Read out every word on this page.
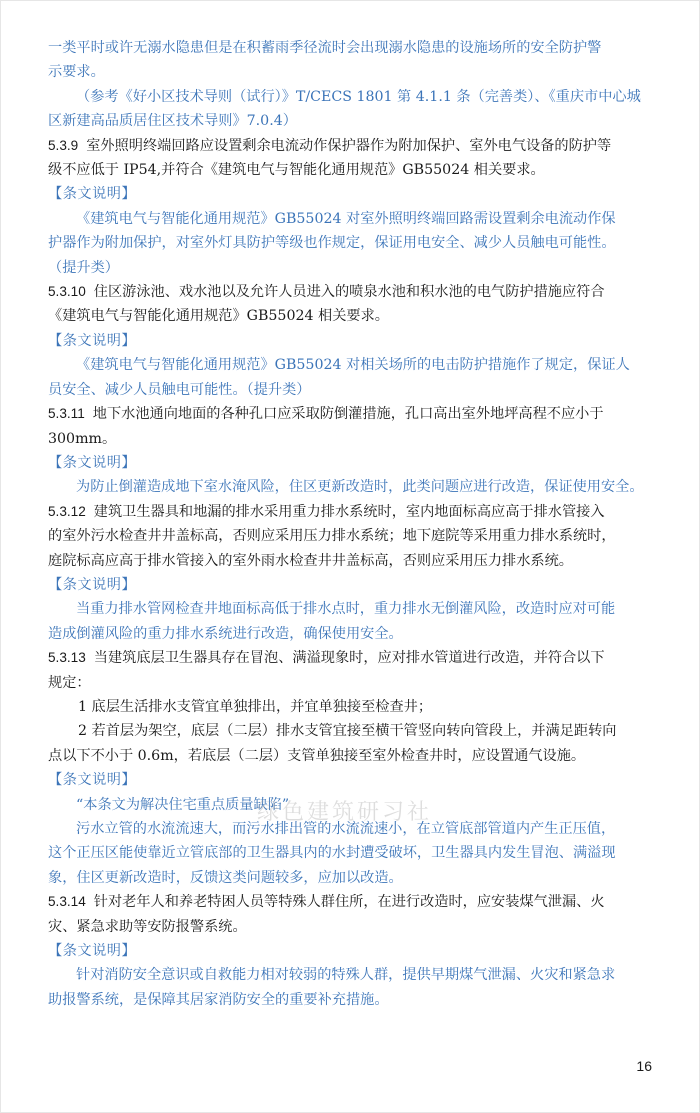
一类平时或许无溺水隐患但是在积蓄雨季径流时会出现溺水隐患的设施场所的安全防护警
示要求。
（参考《好小区技术导则（试行）》T/CECS 1801 第 4.1.1 条（完善类）、《重庆市中心城
区新建高品质居住区技术导则》7.0.4）
5.3.9 室外照明终端回路应设置剩余电流动作保护器作为附加保护、室外电气设备的防护等
级不应低于 IP54,并符合《建筑电气与智能化通用规范》GB55024 相关要求。
【条文说明】
《建筑电气与智能化通用规范》GB55024 对室外照明终端回路需设置剩余电流动作保
护器作为附加保护，对室外灯具防护等级也作规定，保证用电安全、减少人员触电可能性。
（提升类）
5.3.10 住区游泳池、戏水池以及允许人员进入的喷泉水池和积水池的电气防护措施应符合
《建筑电气与智能化通用规范》GB55024 相关要求。
【条文说明】
《建筑电气与智能化通用规范》GB55024 对相关场所的电击防护措施作了规定，保证人
员安全、减少人员触电可能性。（提升类）
5.3.11 地下水池通向地面的各种孔口应采取防倒灌措施，孔口高出室外地坪高程不应小于
300mm。
【条文说明】
为防止倒灌造成地下室水淹风险，住区更新改造时，此类问题应进行改造，保证使用安全。
5.3.12 建筑卫生器具和地漏的排水采用重力排水系统时，室内地面标高应高于排水管接入
的室外污水检查井井盖标高，否则应采用压力排水系统；地下庭院等采用重力排水系统时，
庭院标高应高于排水管接入的室外雨水检查井井盖标高，否则应采用压力排水系统。
【条文说明】
当重力排水管网检查井地面标高低于排水点时，重力排水无倒灌风险，改造时应对可能
造成倒灌风险的重力排水系统进行改造，确保使用安全。
5.3.13 当建筑底层卫生器具存在冒泡、满溢现象时，应对排水管道进行改造，并符合以下
规定：
1 底层生活排水支管宜单独排出，并宜单独接至检查井；
2 若首层为架空，底层（二层）排水支管宜接至横干管竖向转向管段上，并满足距转向
点以下不小于 0.6m，若底层（二层）支管单独接至室外检查井时，应设置通气设施。
【条文说明】
“本条文为解决住宅重点质量缺陷”
污水立管的水流流速大，而污水排出管的水流流速小，在立管底部管道内产生正压值，
这个正压区能使靠近立管底部的卫生器具内的水封遭受破坏，卫生器具内发生冒泡、满溢现
象，住区更新改造时，反馈这类问题较多，应加以改造。
5.3.14 针对老年人和养老特困人员等特殊人群住所，在进行改造时，应安装煤气泄漏、火
灾、紧急求助等安防报警系统。
【条文说明】
针对消防安全意识或自救能力相对较弱的特殊人群，提供早期煤气泄漏、火灾和紧急求
助报警系统，是保障其居家消防安全的重要补充措施。
绿色建筑研习社
16
